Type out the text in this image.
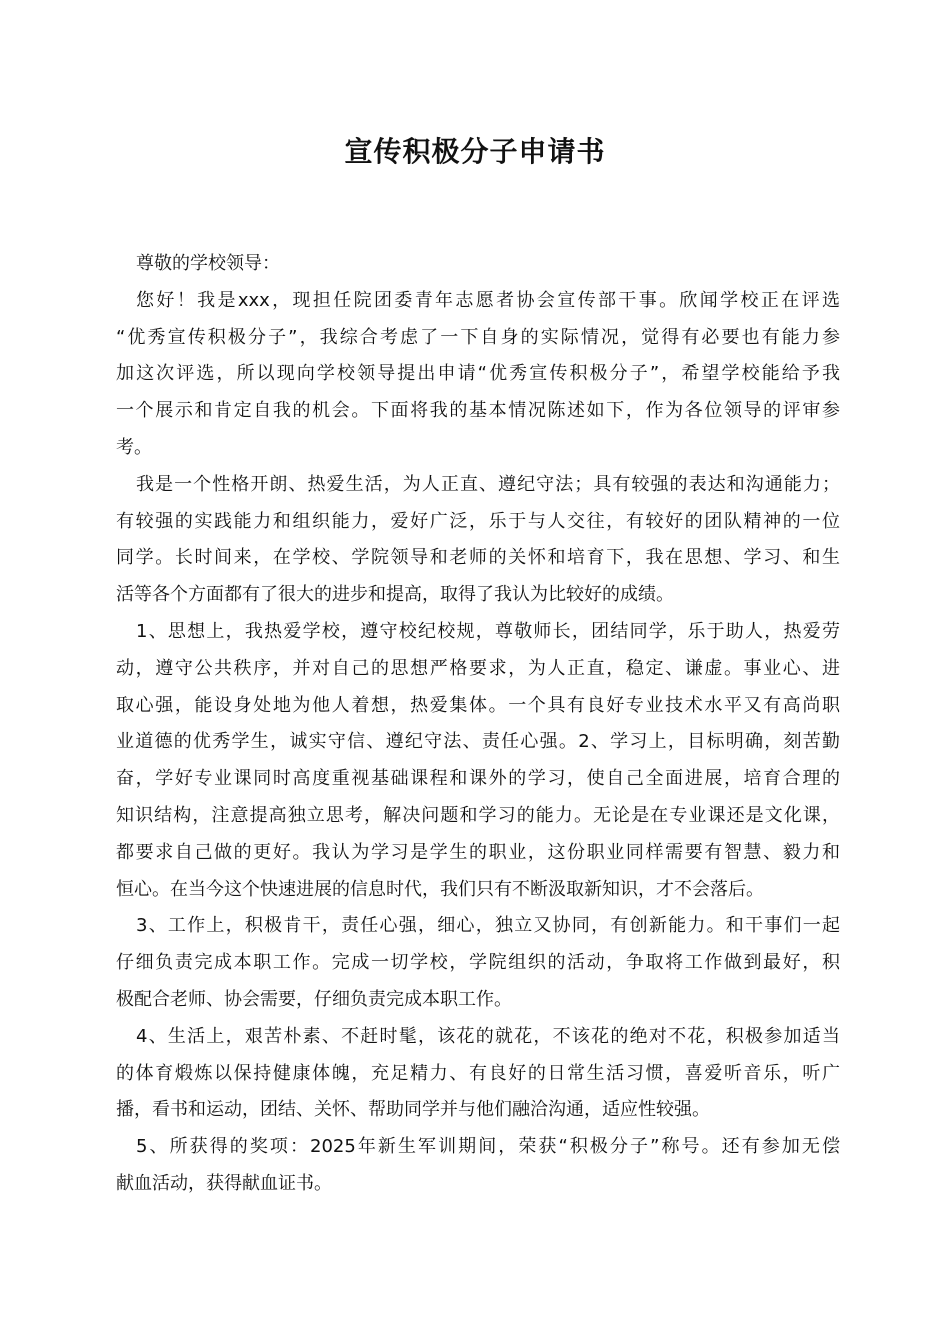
宣传积极分子申请书
尊敬的学校领导：
您好！我是xxx，现担任院团委青年志愿者协会宣传部干事。欣闻学校正在评选
“优秀宣传积极分子”，我综合考虑了一下自身的实际情况，觉得有必要也有能力参
加这次评选，所以现向学校领导提出申请“优秀宣传积极分子”，希望学校能给予我
一个展示和肯定自我的机会。下面将我的基本情况陈述如下，作为各位领导的评审参
考。
我是一个性格开朗、热爱生活，为人正直、遵纪守法；具有较强的表达和沟通能力；
有较强的实践能力和组织能力，爱好广泛，乐于与人交往，有较好的团队精神的一位
同学。长时间来，在学校、学院领导和老师的关怀和培育下，我在思想、学习、和生
活等各个方面都有了很大的进步和提高，取得了我认为比较好的成绩。
1、思想上，我热爱学校，遵守校纪校规，尊敬师长，团结同学，乐于助人，热爱劳
动，遵守公共秩序，并对自己的思想严格要求，为人正直，稳定、谦虚。事业心、进
取心强，能设身处地为他人着想，热爱集体。一个具有良好专业技术水平又有高尚职
业道德的优秀学生，诚实守信、遵纪守法、责任心强。2、学习上，目标明确，刻苦勤
奋，学好专业课同时高度重视基础课程和课外的学习，使自己全面进展，培育合理的
知识结构，注意提高独立思考，解决问题和学习的能力。无论是在专业课还是文化课，
都要求自己做的更好。我认为学习是学生的职业，这份职业同样需要有智慧、毅力和
恒心。在当今这个快速进展的信息时代，我们只有不断汲取新知识，才不会落后。
3、工作上，积极肯干，责任心强，细心，独立又协同，有创新能力。和干事们一起
仔细负责完成本职工作。完成一切学校，学院组织的活动，争取将工作做到最好，积
极配合老师、协会需要，仔细负责完成本职工作。
4、生活上，艰苦朴素、不赶时髦，该花的就花，不该花的绝对不花，积极参加适当
的体育煅炼以保持健康体魄，充足精力、有良好的日常生活习惯，喜爱听音乐，听广
播，看书和运动，团结、关怀、帮助同学并与他们融洽沟通，适应性较强。
5、所获得的奖项：2025年新生军训期间，荣获“积极分子”称号。还有参加无偿
献血活动，获得献血证书。
